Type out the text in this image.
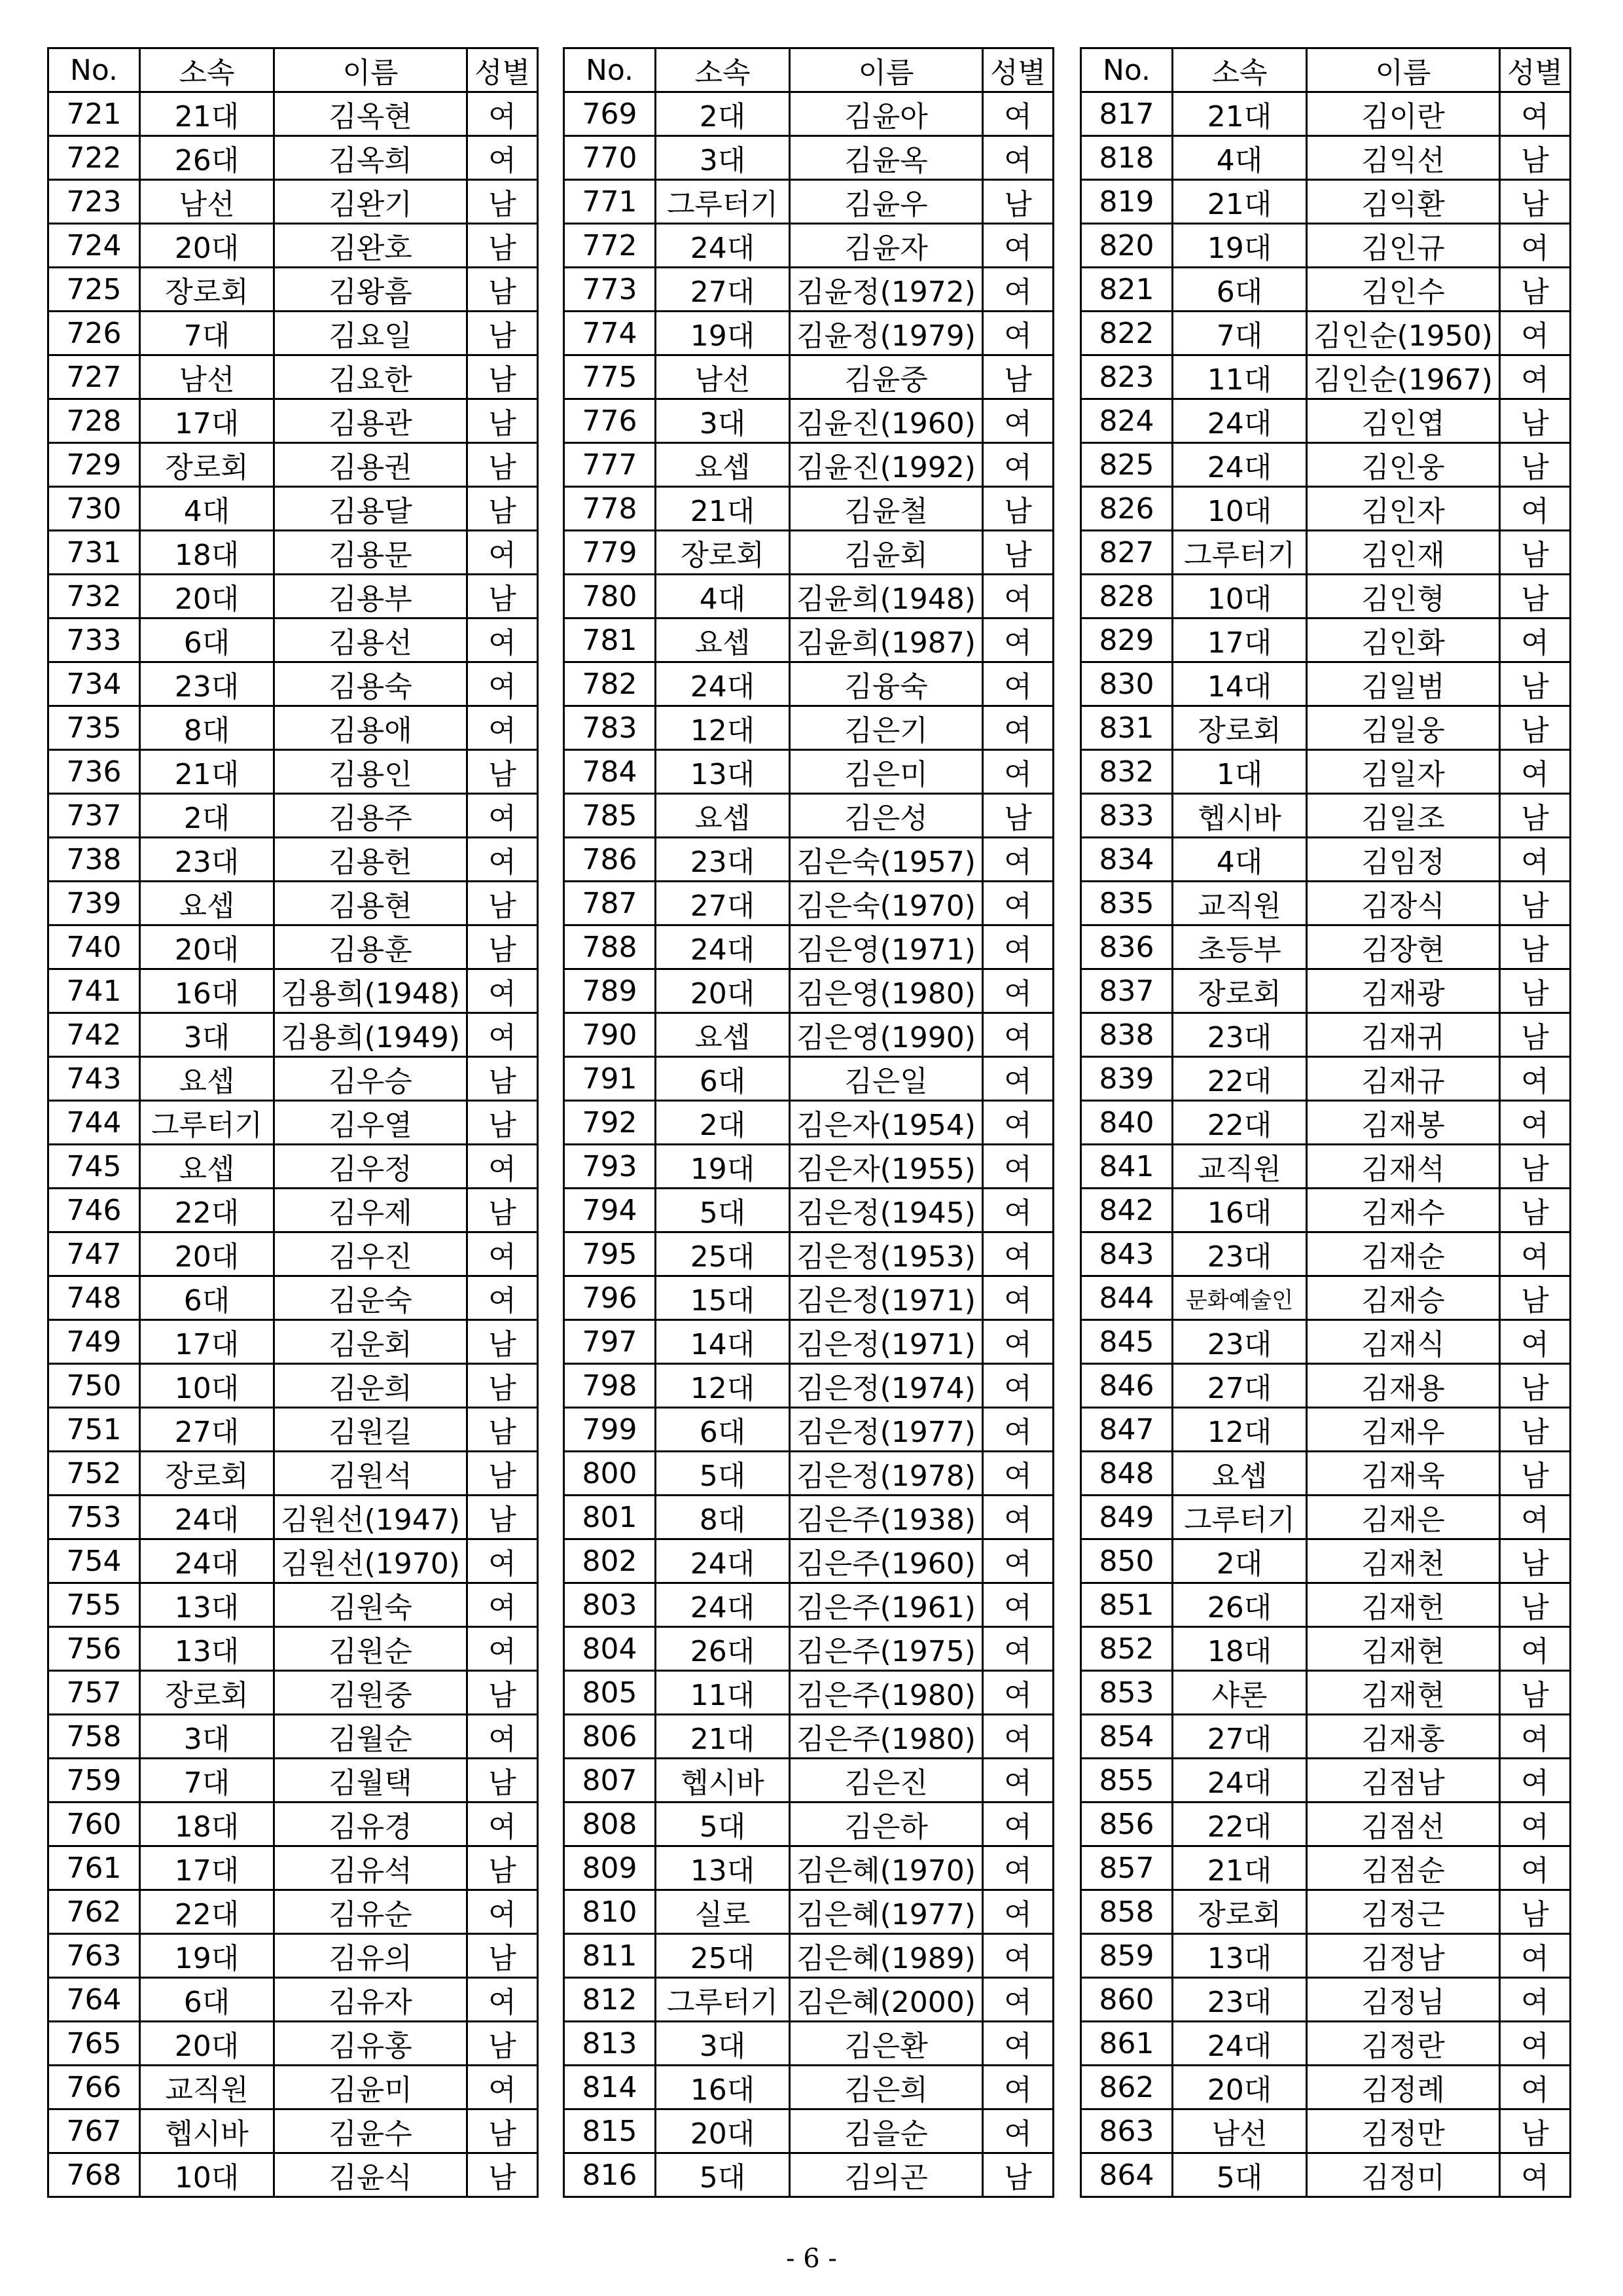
No.	소속	이름	성별
721	21대	김옥현	여
722	26대	김옥희	여
723	남선	김완기	남
724	20대	김완호	남
725	장로회	김왕흠	남
726	7대	김요일	남
727	남선	김요한	남
728	17대	김용관	남
729	장로회	김용권	남
730	4대	김용달	남
731	18대	김용문	여
732	20대	김용부	남
733	6대	김용선	여
734	23대	김용숙	여
735	8대	김용애	여
736	21대	김용인	남
737	2대	김용주	여
738	23대	김용헌	여
739	요셉	김용현	남
740	20대	김용훈	남
741	16대	김용희(1948)	여
742	3대	김용희(1949)	여
743	요셉	김우승	남
744	그루터기	김우열	남
745	요셉	김우정	여
746	22대	김우제	남
747	20대	김우진	여
748	6대	김운숙	여
749	17대	김운회	남
750	10대	김운희	남
751	27대	김원길	남
752	장로회	김원석	남
753	24대	김원선(1947)	남
754	24대	김원선(1970)	여
755	13대	김원숙	여
756	13대	김원순	여
757	장로회	김원중	남
758	3대	김월순	여
759	7대	김월택	남
760	18대	김유경	여
761	17대	김유석	남
762	22대	김유순	여
763	19대	김유의	남
764	6대	김유자	여
765	20대	김유홍	남
766	교직원	김윤미	여
767	헵시바	김윤수	남
768	10대	김윤식	남
No.	소속	이름	성별
769	2대	김윤아	여
770	3대	김윤옥	여
771	그루터기	김윤우	남
772	24대	김윤자	여
773	27대	김윤정(1972)	여
774	19대	김윤정(1979)	여
775	남선	김윤중	남
776	3대	김윤진(1960)	여
777	요셉	김윤진(1992)	여
778	21대	김윤철	남
779	장로회	김윤회	남
780	4대	김윤희(1948)	여
781	요셉	김윤희(1987)	여
782	24대	김융숙	여
783	12대	김은기	여
784	13대	김은미	여
785	요셉	김은성	남
786	23대	김은숙(1957)	여
787	27대	김은숙(1970)	여
788	24대	김은영(1971)	여
789	20대	김은영(1980)	여
790	요셉	김은영(1990)	여
791	6대	김은일	여
792	2대	김은자(1954)	여
793	19대	김은자(1955)	여
794	5대	김은정(1945)	여
795	25대	김은정(1953)	여
796	15대	김은정(1971)	여
797	14대	김은정(1971)	여
798	12대	김은정(1974)	여
799	6대	김은정(1977)	여
800	5대	김은정(1978)	여
801	8대	김은주(1938)	여
802	24대	김은주(1960)	여
803	24대	김은주(1961)	여
804	26대	김은주(1975)	여
805	11대	김은주(1980)	여
806	21대	김은주(1980)	여
807	헵시바	김은진	여
808	5대	김은하	여
809	13대	김은혜(1970)	여
810	실로	김은혜(1977)	여
811	25대	김은혜(1989)	여
812	그루터기	김은혜(2000)	여
813	3대	김은환	여
814	16대	김은희	여
815	20대	김을순	여
816	5대	김의곤	남
No.	소속	이름	성별
817	21대	김이란	여
818	4대	김익선	남
819	21대	김익환	남
820	19대	김인규	여
821	6대	김인수	남
822	7대	김인순(1950)	여
823	11대	김인순(1967)	여
824	24대	김인엽	남
825	24대	김인웅	남
826	10대	김인자	여
827	그루터기	김인재	남
828	10대	김인형	남
829	17대	김인화	여
830	14대	김일범	남
831	장로회	김일웅	남
832	1대	김일자	여
833	헵시바	김일조	남
834	4대	김임정	여
835	교직원	김장식	남
836	초등부	김장현	남
837	장로회	김재광	남
838	23대	김재귀	남
839	22대	김재규	여
840	22대	김재봉	여
841	교직원	김재석	남
842	16대	김재수	남
843	23대	김재순	여
844	문화예술인	김재승	남
845	23대	김재식	여
846	27대	김재용	남
847	12대	김재우	남
848	요셉	김재욱	남
849	그루터기	김재은	여
850	2대	김재천	남
851	26대	김재헌	남
852	18대	김재현	여
853	샤론	김재현	남
854	27대	김재홍	여
855	24대	김점남	여
856	22대	김점선	여
857	21대	김점순	여
858	장로회	김정근	남
859	13대	김정남	여
860	23대	김정님	여
861	24대	김정란	여
862	20대	김정례	여
863	남선	김정만	남
864	5대	김정미	여
- 6 -
